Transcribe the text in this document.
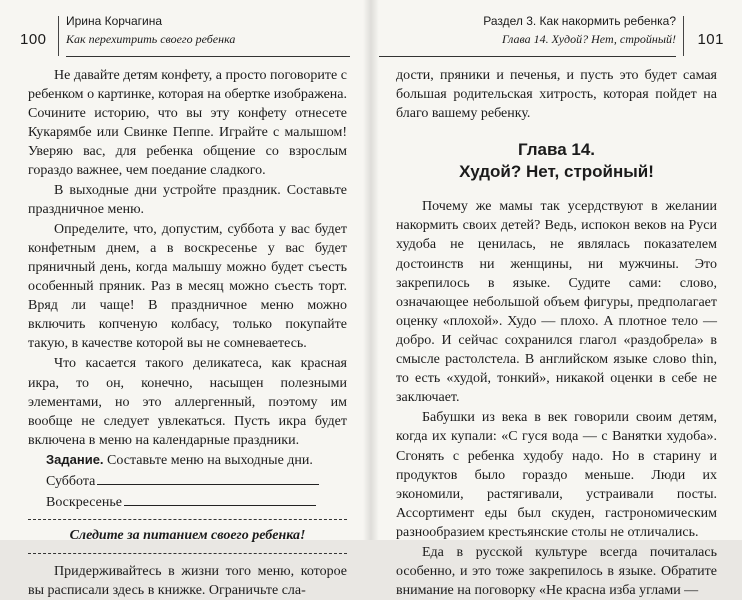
100
Ирина Корчагина
Как перехитрить своего ребенка

Не давайте детям конфету, а просто поговорите с ребенком о картинке, которая на обертке изображена. Сочините историю, что вы эту конфету отнесете Кукарямбе или Свинке Пеппе. Играйте с малышом! Уверяю вас, для ребенка общение со взрослым гораздо важнее, чем поедание сладкого.

В выходные дни устройте праздник. Составьте праздничное меню.

Определите, что, допустим, суббота у вас будет конфетным днем, а в воскресенье у вас будет пряничный день, когда малышу можно будет съесть особенный пряник. Раз в месяц можно съесть торт. Вряд ли чаще! В праздничное меню можно включить копченую колбасу, только покупайте такую, в качестве которой вы не сомневаетесь.

Что касается такого деликатеса, как красная икра, то он, конечно, насыщен полезными элементами, но это аллергенный, поэтому им вообще не следует увлекаться. Пусть икра будет включена в меню на календарные праздники.

Задание. Составьте меню на выходные дни.

Суббота
Воскресенье
Следите за питанием своего ребенка!

Придерживайтесь в жизни того меню, которое вы расписали здесь в книжке. Ограничьте сла-

Раздел 3. Как накормить ребенка?
Глава 14. Худой? Нет, стройный! 101

дости, пряники и печенья, и пусть это будет самая большая родительская хитрость, которая пойдет на благо вашему ребенку.

Глава 14.
Худой? Нет, стройный!

Почему же мамы так усердствуют в желании накормить своих детей? Ведь, испокон веков на Руси худоба не ценилась, не являлась показателем достоинств ни женщины, ни мужчины. Это закрепилось в языке. Судите сами: слово, означающее небольшой объем фигуры, предполагает оценку «плохой». Худо — плохо. А плотное тело — добро. И сейчас сохранился глагол «раздобрела» в смысле растолстела. В английском языке слово thin, то есть «худой, тонкий», никакой оценки в себе не заключает.

Бабушки из века в век говорили своим детям, когда их купали: «С гуся вода — с Ванятки худоба». Сгонять с ребенка худобу надо. Но в старину и продуктов было гораздо меньше. Люди их экономили, растягивали, устраивали посты. Ассортимент еды был скуден, гастрономическим разнообразием крестьянские столы не отличались.

Еда в русской культуре всегда почиталась особенно, и это тоже закрепилось в языке. Обратите внимание на поговорку «Не красна изба углами —
